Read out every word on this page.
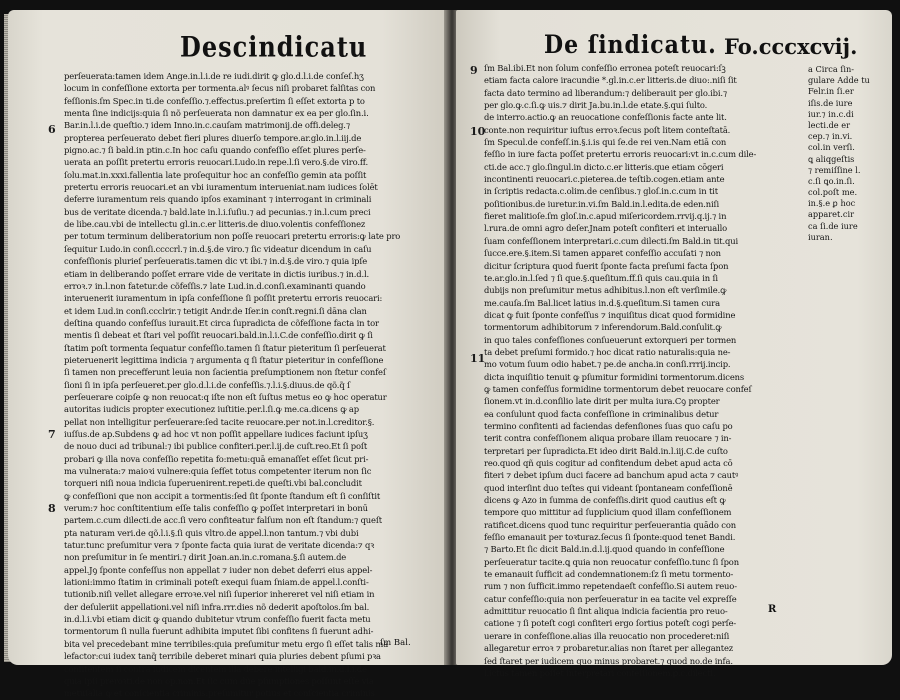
Descindicatu
6
7
8
perſeuerata:tamen idem Ange.in.l.i.de re iudi.dirit ꝙ glo.d.l.i.de conſeſ.hʒ
locum in confeſſione extorta per tormenta.alꝰ ſecus niſi probaret falſitas con
feſſionis.ſm Spec.in ti.de confeſſio.⁊.effectus.preſertim ſi eſſet extorta p to
menta ſine indicijs:quia ſi nõ perſeuerata non damnatur ex ea per glo.ſin.i.
Bar.in.l.i.de queſtio.⁊ idem Inno.in.c.cauſam matrimonij.de offi.deleg.⁊
propterea perſeuerato debet fieri plures diuerſo tempore.ar.glo.in.l.iij.de
pigno.ac.⁊ ſi bald.in ptin.c.In hoc caſu quando confeſſio eſſet plures perſe-
uerata an poſſit pretertu erroris reuocari.Ludo.in repe.l.ſi vero.§.de viro.ff.
ſolu.mat.in.xxxi.fallentia late proſequitur hoc an confeſſio gemin ata poſſit
pretertu erroris reuocari.et an vbi iuramentum interueniat.nam iudices ſolēt
deferre iuramentum reis quando ipſos examinant ⁊ interrogant in criminali
bus de veritate dicenda.⁊ bald.late in.l.i.ſuſiu.⁊ ad pecunias.⁊ in.l.cum preci
de libe.cau.vbi de intellectu gl.in.c.er litteris.de diuo.volentis confeſſionez
per totum terminum deliberatorium non poſſe reuocari pretertu erroris:ꝙ late pro
ſequitur Ludo.in conſi.ccccrl.⁊ in.d.§.de viro.⁊ ſic videatur dicendum in caſu
confeſſionis plurieſ perſeueratis.tamen dic vt ibi.⁊ in.d.§.de viro.⁊ quia ipſe
etiam in deliberando poſſet errare vide de veritate in dictis iuribus.⁊ in.d.l.
erroꝛ.⁊ in.l.non fatetur.de cõfeſſis.⁊ late Lud.in.d.conſi.examinanti quando
interuenerit iuramentum in ipſa confeſſione ſi poſſit pretertu erroris reuocari:
et idem Lud.in conſi.ccclrir.⁊ tetigit Andr.de Iſer.in conſt.regni.ſi dāna clan
deſtina quando confeſſus iurauit.Et circa ſupradicta de cõfeſſione facta in tor
mentis ſi debeat et ſtari vel poſſit reuocari.bald.in.l.i.C.de confeſſio.dirit ꝙ ſi
ſtatim poſt tormenta ſequatur confeſſio.tamen ſi ſtatur pieteritum ſi perſeuerat
pieteruenerit legittima indicia ⁊ argumenta q ſi ſtatur pieteritur in confeſſione
ſi tamen non precefferunt leuia non ſacientia preſumptionem non ſtetur confeſ
ſioni ſi in ipſa perſeueret.per glo.d.l.i.de confeſſis.⁊.l.i.§.diuus.de qõ.q̃ ſ
perſeuerare coipſe ꝙ non reuocat:q iſte non eſt ſuſtus metus eo ꝙ hoc operatur
autoritas iudicis propter executionez iuſtitie.per.l.ſi.ꝙ me.ca.dicens ꝙ ap
pellat non intelligitur perſeuerare:ſed tacite reuocare.per not.in.l.creditor.§.
iuſſus.de ap.Subdens ꝙ ad hoc vt non poſſit appellare iudices faciunt ipſuʒ
de nouo duci ad tribunal:⁊ ibi publice confiteri.per.l.ij.de cuſt.reo.Et ſi poſt
probari ꝙ illa nova confeſſio repetita fo:metu:quā emanaſſet eſſet ſicut pri-
ma vulnerata:⁊ maioꝛi vulnere:quia ſefſet totus competenter iterum non ſic
torqueri niſi noua indicia ſuperuenirent.repeti.de queſti.vbi bal.concludit
ꝙ confeſſioni que non accipit a tormentis:ſed ſit ſponte ſtandum eſt ſi conſiſtit
verum:⁊ hoc conſtitentium eſſe talis confeſſio ꝙ poſſet interpretari in bonū
partem.c.cum dilecti.de acc.ſi vero confiteatur falſum non eſt ſtandum:⁊ queſt
pta naturam veri.de qõ.l.i.§.ſi quis vltro.de appel.l.non tantum.⁊ vbi dubi
tatur.tunc preſumitur vera ⁊ ſponte facta quia iurat de veritate dicenda:⁊ qꝛ
non preſumitur in ſe mentiri.⁊ dirit Joan.an.in.c.romana.§.ſi autem.de
appel.Jꝯ ſponte confeſſus non appellat ⁊ iuder non debet deferri eius appel-
lationi:immo ſtatim in criminali poteſt exequi ſuam ſniam.de appel.l.conſti-
tutionib.niſi vellet allegare erroꝛe.vel niſi ſuperior inhereret vel niſi etiam in
der deſuleriit appellationi.vel niſi infra.rrr.dies nõ dederit apoſtolos.ſm bal.
in.d.l.i.vbi etiam dicit ꝙ quando dubitetur vtrum confeſſio fuerit facta metu
tormentorum ſi nulla fuerunt adhibita imputet ſibi confitens ſi fuerunt adhi-
bita vel precedebant mine terribiles:quia preſumitur metu ergo ſi eſſet talis ma
lefactor:cui iudex tanq̃ terribile deberet minari quia pluries debent pſumi pꝛa
confitentem ſi contra iudicem dicentem illa debere intelligi bald.in.d.l.i.de
quia ipſi preroꝛti.de non op.non.Et ſic cum dũe pſumptiones poſſunt eſſe via
metuſalia ꝙ et conſcientia criminis:preſumitur potius et conſcientia criminis
ſm Bal.
De ſindicatu. Fo.cccxcvij.
9
10
11
ſm Bal.ibi.Et non ſolum confeſſio erronea poteſt reuocari:ſꝫ
etiam facta calore iracundie *.gl.in.c.er litteris.de diuo:.niſi ſit
facta dato termino ad liberandum:⁊ deliberauit per glo.ibi.⁊
per glo.ꝙ.c.ſi.ꝙ uis.⁊ dirit Ja.bu.in.l.de etate.§.qui ſulto.
de interro.actio.ꝙ an reuocatione confeſſionis facte ante lit.
conte.non requiritur iuſtus erroꝛ.ſecus poſt litem conteſtatā.
ſm Specul.de confeſſ.in.§.i.is qui ſe.de rei ven.Nam etiā con
feſſio in iure facta poſſet pretertu erroris reuocari:vt in.c.cum dile-
cti.de acc.⁊ glo.ſingul.in dicto.c.er litteris.que etiam cōgeri
incontinenti reuocari.c.pieterea.de teſtib.cogen.etiam ante
in ſcriptis redacta.c.olim.de cenſibus.⁊ gloſ.in.c.cum in tit
poſitionibus.de iuretur.in.vi.ſm Bald.in.l.edita.de eden.niſi
fieret malitioſe.ſm gloſ.in.c.apud miſericordem.rrvij.q.ij.⁊ in
l.rura.de omni agro deſer.Jnam poteſt confiteri et interuallo
ſuam confeſſionem interpretari.c.cum dilecti.ſm Bald.in tit.qui
ſucce.ere.§.item.Si tamen apparet confeſſio accuſati ⁊ non
dicitur ſcriptura quod fuerit ſponte facta preſumi facta ſpon
te.ar.glo.in.l.ſed ⁊ ſi que.§.queſitum.ff.ſi quis cau.quia in ſi
dubijs non preſumitur metus adhibitus.l.non eſt verſimile.ꝙ
me.cauſa.ſm Bal.licet latius in.d.§.queſitum.Si tamen cura
dicat ꝙ fuit ſponte confeſſus ⁊ inquiſitus dicat quod formidine
tormentorum adhibitorum ⁊ inferendorum.Bald.conſulit.ꝙ
in quo tales confeſſiones conſueuerunt extorqueri per tormen
ta debet preſumi formido.⁊ hoc dicat ratio naturalis:quia ne-
mo votum ſuum odio habet.⁊ pe.de ancha.in conſi.rrrij.incip.
dicta inquiſitio tenuit ꝙ pſumitur formidini tormentorum.dicens
ꝙ tamen confeſſus formidine tormentorum debet reuocare confeſ
ſionem.vt in.d.conſilio late dirit per multa iura.Cꝯ propter
ea conſulunt quod facta confeſſione in criminalibus detur
termino confitenti ad faciendas defenſiones ſuas quo caſu po
terit contra confeſſionem aliqua probare illam reuocare ⁊ in-
terpretari per ſupradicta.Et ideo dirit Bald.in.l.iij.C.de cuſto
reo.quod qñ quis cogitur ad confitendum debet apud acta cō
fiteri ⁊ debet ipſum duci facere ad banchum apud acta ⁊ cautꝰ
quod interſint duo teſtes qui videant ſpontaneam confeſſionē
dicens ꝙ Azo in ſumma de confeſſis.dirit quod cautius eſt ꝙ
tempore quo mittitur ad ſupplicium quod illam confeſſionem
ratificet.dicens quod tunc requiritur perſeuerantia quādo con
feſſio emanauit per toꝛturaz.ſecus ſi ſponte:quod tenet Bandi.
⁊ Barto.Et ſic dicit Bald.in.d.l.ij.quod quando in confeſſione
perſeueratur tacite.ꝗ quia non reuocatur confeſſio.tunc ſi ſpon
te emanauit ſufficit ad condemnationem:ſz ſi metu tormento-
rum ⁊ non ſufficit.immo repetendaeſt confeſſio.Si autem reuo-
catur confeſſio:quia non perſeueratur in ea tacite vel expreſſe
admittitur reuocatio ſi ſint aliqua indicia facientia pro reuo-
catione ⁊ ſi poteſt cogi confiteri ergo ſortius poteſt cogi perſe-
uerare in confeſſione.alias illa reuocatio non procederet:niſi
allegaretur erroꝛ ⁊ probaretur.alias non ſtaret per allegantez
ſed ſtaret per iudicem quo minus probaret.⁊ quod no.de infa.
l.ictus tamen poſſet interpretari confeſſionem.ꝑ.c.dilecti.
a Circa ſin-
gulare Adde tu
Felr.in ſi.er
iſis.de iure
iur.⁊ in.c.di
lecti.de er
cep.⁊ in.vi.
col.in verſi.
ꝗ aliqgeſtis
⁊ remiſſine l.
c.ſi ꝗo.in.ſi.
col.poſt me.
in.§.e ꝑ hoc
apparet.cir
ca ſi.de iure
iuran.
R
